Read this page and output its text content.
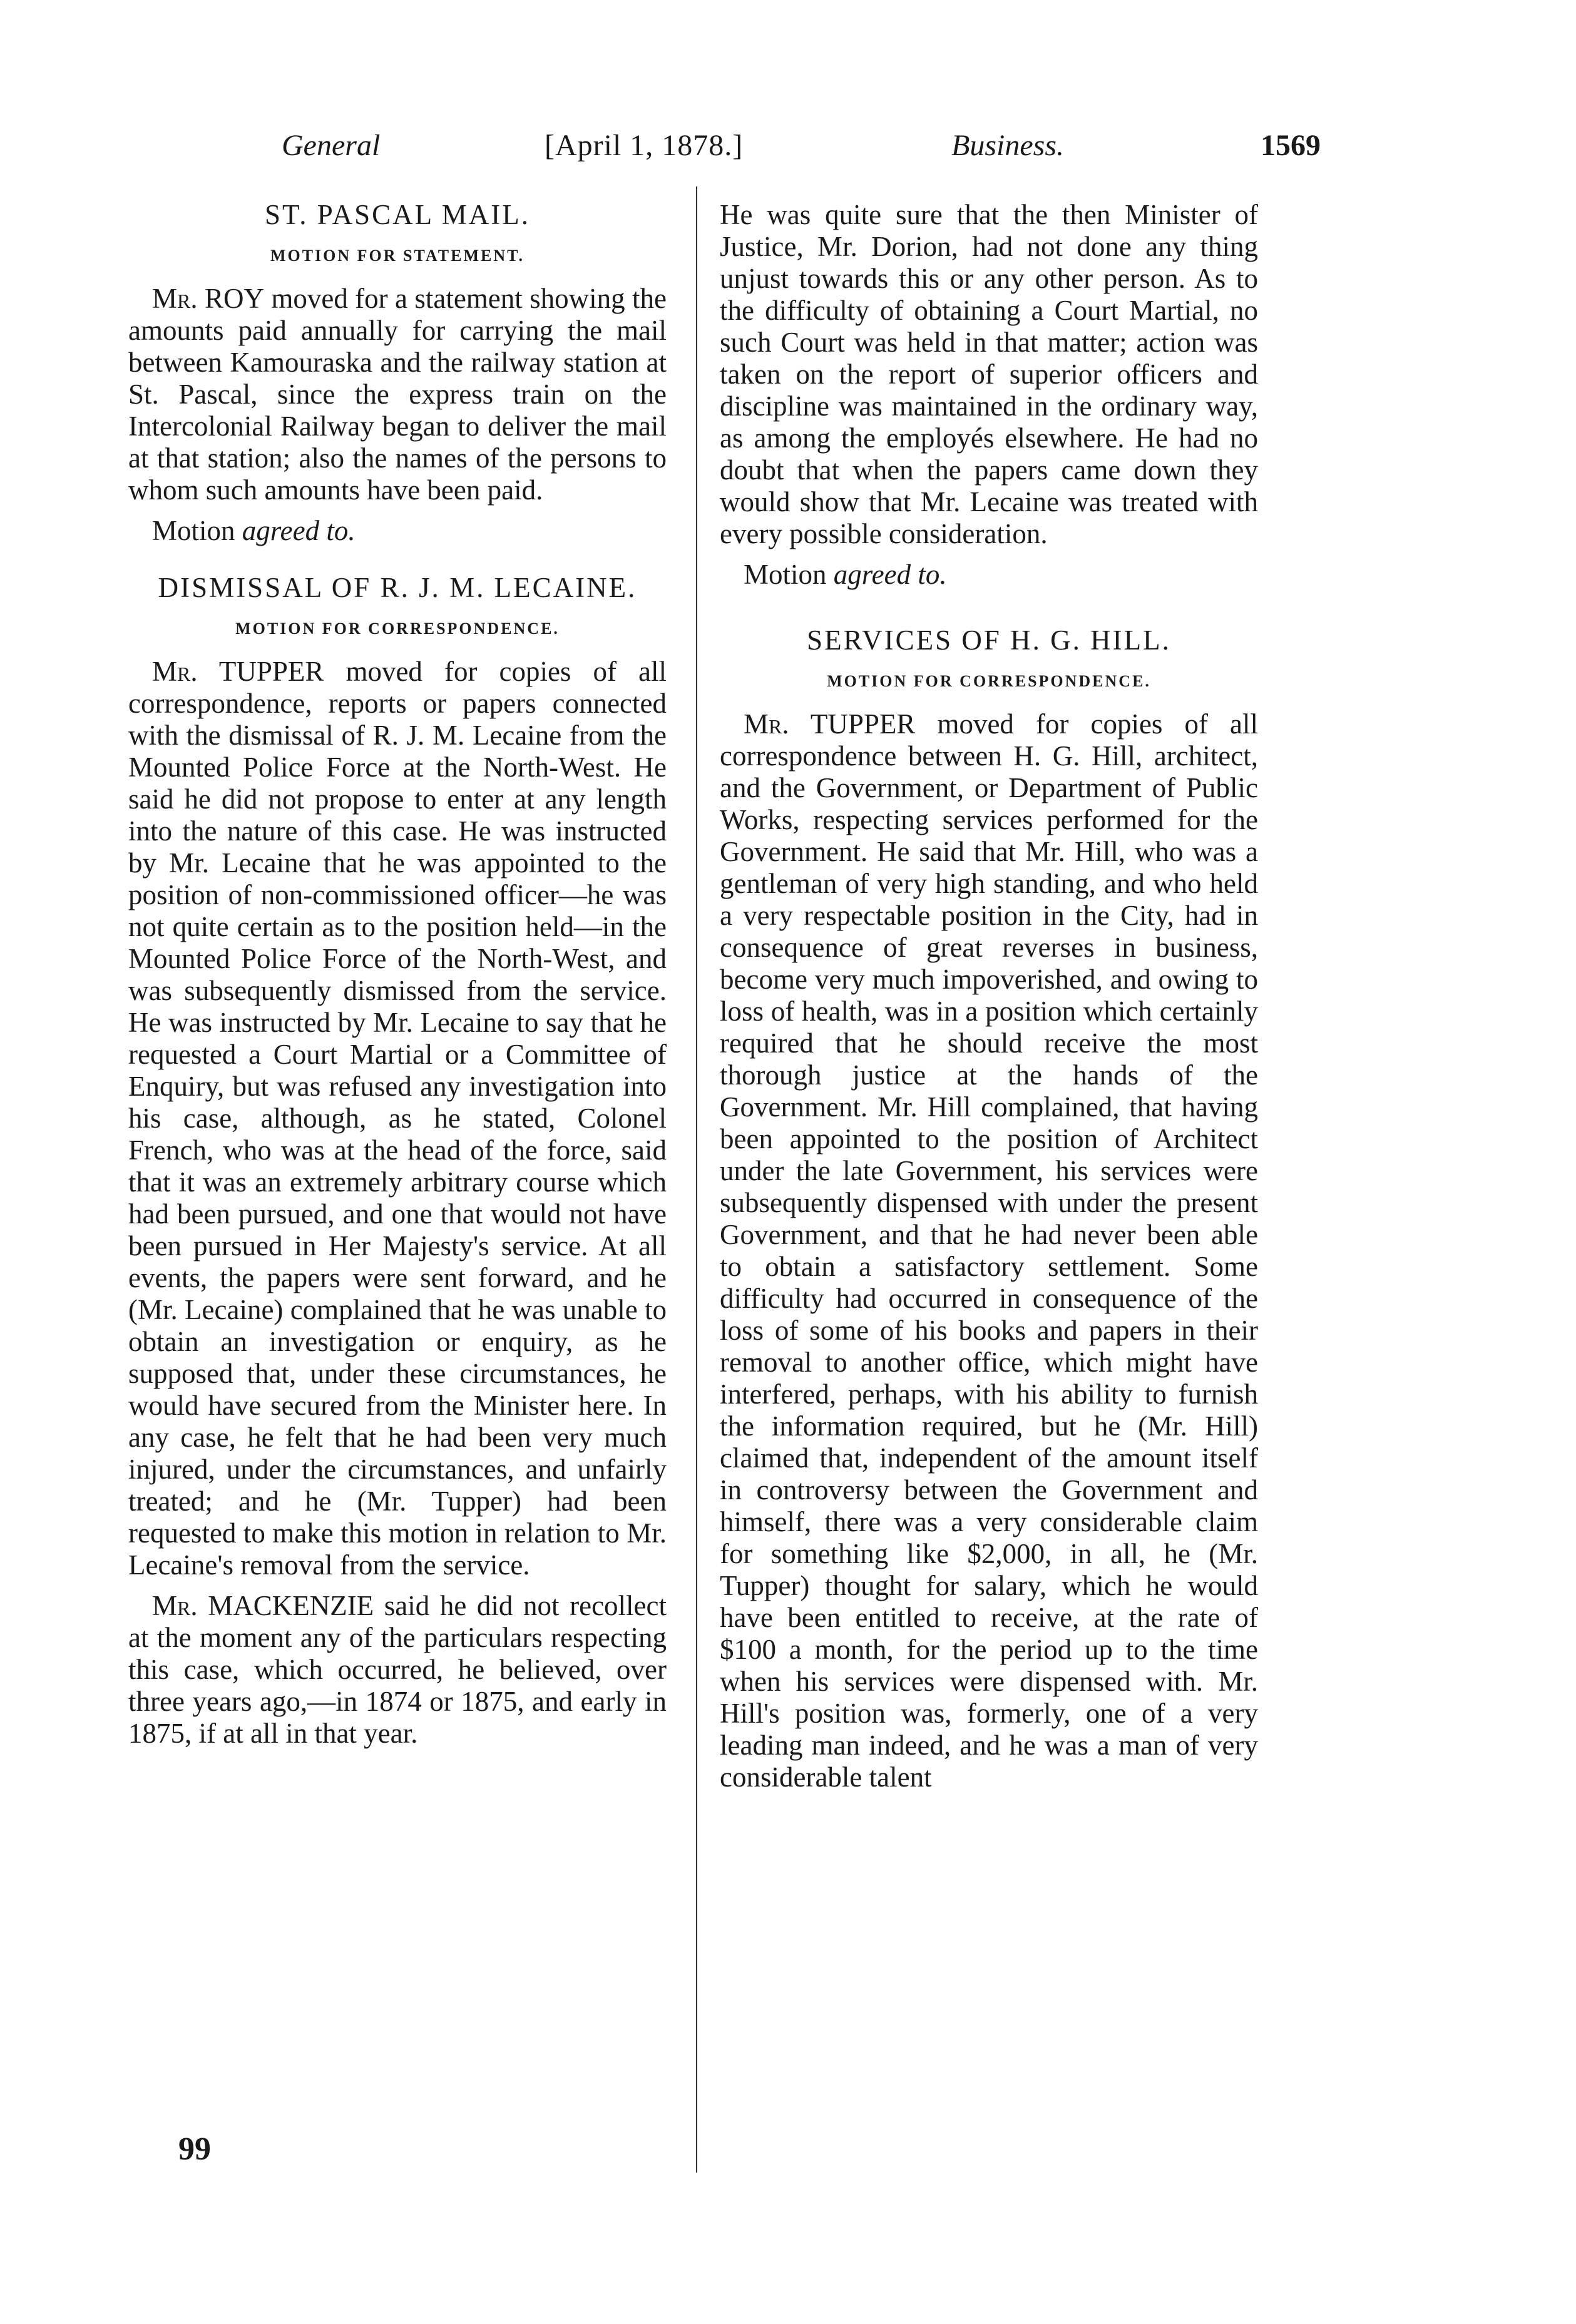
General	[April 1, 1878.]	Business.	1569
ST. PASCAL MAIL.
MOTION FOR STATEMENT.

Mr. ROY moved for a statement showing the amounts paid annually for carrying the mail between Kamouraska and the railway station at St. Pascal, since the express train on the Intercolonial Railway began to deliver the mail at that station; also the names of the persons to whom such amounts have been paid.

Motion agreed to.

DISMISSAL OF R. J. M. LECAINE.
MOTION FOR CORRESPONDENCE.

Mr. TUPPER moved for copies of all correspondence, reports or papers connected with the dismissal of R. J. M. Lecaine from the Mounted Police Force at the North-West. He said he did not propose to enter at any length into the nature of this case. He was instructed by Mr. Lecaine that he was appointed to the position of non-commissioned officer—he was not quite certain as to the position held—in the Mounted Police Force of the North-West, and was subsequently dismissed from the service. He was instructed by Mr. Lecaine to say that he requested a Court Martial or a Committee of Enquiry, but was refused any investigation into his case, although, as he stated, Colonel French, who was at the head of the force, said that it was an extremely arbitrary course which had been pursued, and one that would not have been pursued in Her Majesty's service. At all events, the papers were sent forward, and he (Mr. Lecaine) complained that he was unable to obtain an investigation or enquiry, as he supposed that, under these circumstances, he would have secured from the Minister here. In any case, he felt that he had been very much injured, under the circumstances, and unfairly treated; and he (Mr. Tupper) had been requested to make this motion in relation to Mr. Lecaine's removal from the service.

Mr. MACKENZIE said he did not recollect at the moment any of the particulars respecting this case, which occurred, he believed, over three years ago,—in 1874 or 1875, and early in 1875, if at all in that year.

99

He was quite sure that the then Minister of Justice, Mr. Dorion, had not done any thing unjust towards this or any other person. As to the difficulty of obtaining a Court Martial, no such Court was held in that matter; action was taken on the report of superior officers and discipline was maintained in the ordinary way, as among the employés elsewhere. He had no doubt that when the papers came down they would show that Mr. Lecaine was treated with every possible consideration.

Motion agreed to.

SERVICES OF H. G. HILL.
MOTION FOR CORRESPONDENCE.

Mr. TUPPER moved for copies of all correspondence between H. G. Hill, architect, and the Government, or Department of Public Works, respecting services performed for the Government. He said that Mr. Hill, who was a gentleman of very high standing, and who held a very respectable position in the City, had in consequence of great reverses in business, become very much impoverished, and owing to loss of health, was in a position which certainly required that he should receive the most thorough justice at the hands of the Government. Mr. Hill complained, that having been appointed to the position of Architect under the late Government, his services were subsequently dispensed with under the present Government, and that he had never been able to obtain a satisfactory settlement. Some difficulty had occurred in consequence of the loss of some of his books and papers in their removal to another office, which might have interfered, perhaps, with his ability to furnish the information required, but he (Mr. Hill) claimed that, independent of the amount itself in controversy between the Government and himself, there was a very considerable claim for something like $2,000, in all, he (Mr. Tupper) thought for salary, which he would have been entitled to receive, at the rate of $100 a month, for the period up to the time when his services were dispensed with. Mr. Hill's position was, formerly, one of a very leading man indeed, and he was a man of very considerable talent
